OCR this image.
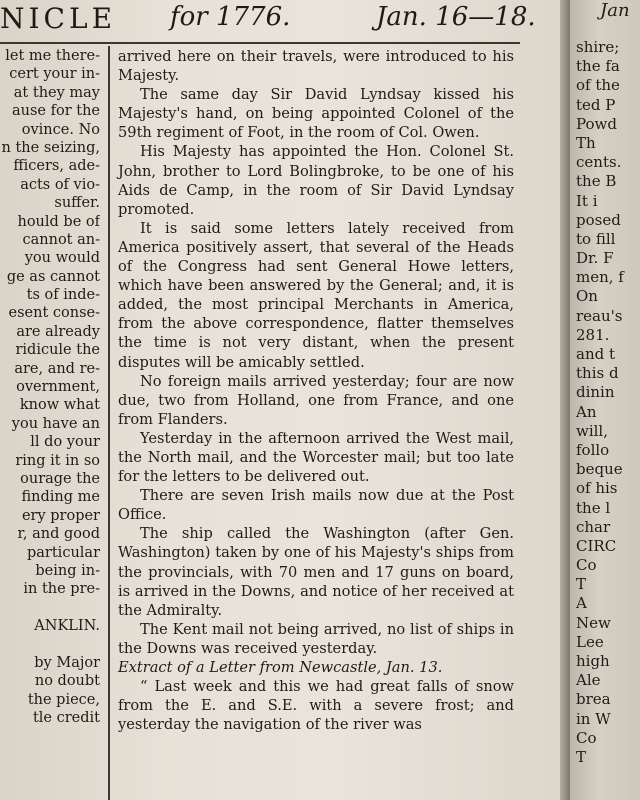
NICLE for 1776.	Jan. 16—18.
let me there-
cert your in-
at they may
ause for the
ovince. No
n the seizing,
fficers, ade-
acts of vio-
suffer.
hould be of
cannot an-
you would
ge as cannot
ts of inde-
esent conse-
are already
ridicule the
are, and re-
overnment,
know what
you have an
ll do your
ring it in so
ourage the
finding me
ery proper
r, and good
particular
being in-
in the pre-
ANKLIN.
by Major
no doubt
the piece,
tle credit

arrived here on their travels, were introduced to his Majesty.

The same day Sir David Lyndsay kissed his Majesty's hand, on being appointed Colonel of the 59th regiment of Foot, in the room of Col. Owen.

His Majesty has appointed the Hon. Colonel St. John, brother to Lord Bolingbroke, to be one of his Aids de Camp, in the room of Sir David Lyndsay promoted.

It is said some letters lately received from America positively assert, that several of the Heads of the Congress had sent General Howe letters, which have been answered by the General; and, it is added, the most principal Merchants in America, from the above correspondence, flatter themselves the time is not very distant, when the present disputes will be amicably settled.

No foreign mails arrived yesterday; four are now due, two from Holland, one from France, and one from Flanders.

Yesterday in the afternoon arrived the West mail, the North mail, and the Worcester mail; but too late for the letters to be delivered out.

There are seven Irish mails now due at the Post Office.

The ship called the Washington (after Gen. Washington) taken by one of his Majesty's ships from the provincials, with 70 men and 17 guns on board, is arrived in the Downs, and notice of her received at the Admiralty.

The Kent mail not being arrived, no list of ships in the Downs was received yesterday.

Extract of a Letter from Newcastle, Jan. 13.

“ Last week and this we had great falls of snow from the E. and S.E. with a severe frost; and yesterday the navigation of the river was

Jan
shire;
the fa
of the
ted P
Powd
Th
cents.
the B
It i
posed
to fill
Dr. F
men, f
On
reau's
281.
and t
this d
dinin
An
will,
follo
beque
of his
the l
char
CIRC
Co
T
A
New
Lee
high
Ale
brea
in W
Co
T
